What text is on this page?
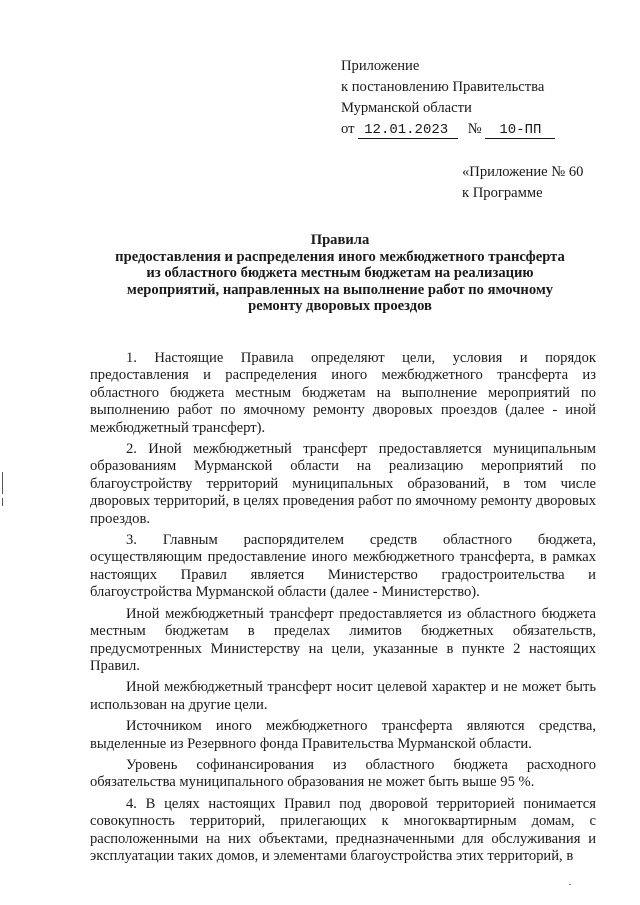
Приложение
к постановлению Правительства
Мурманской области
от 12.01.2023 № 10-ПП
«Приложение № 60
к Программе
Правила
предоставления и распределения иного межбюджетного трансферта
из областного бюджета местным бюджетам на реализацию
мероприятий, направленных на выполнение работ по ямочному
ремонту дворовых проездов

1. Настоящие Правила определяют цели, условия и порядок предоставления и распределения иного межбюджетного трансферта из областного бюджета местным бюджетам на выполнение мероприятий по выполнению работ по ямочному ремонту дворовых проездов (далее - иной межбюджетный трансферт).

2. Иной межбюджетный трансферт предоставляется муниципальным образованиям Мурманской области на реализацию мероприятий по благоустройству территорий муниципальных образований, в том числе дворовых территорий, в целях проведения работ по ямочному ремонту дворовых проездов.

3. Главным распорядителем средств областного бюджета, осуществляющим предоставление иного межбюджетного трансферта, в рамках настоящих Правил является Министерство градостроительства и благоустройства Мурманской области (далее - Министерство).

Иной межбюджетный трансферт предоставляется из областного бюджета местным бюджетам в пределах лимитов бюджетных обязательств, предусмотренных Министерству на цели, указанные в пункте 2 настоящих Правил.

Иной межбюджетный трансферт носит целевой характер и не может быть использован на другие цели.

Источником иного межбюджетного трансферта являются средства, выделенные из Резервного фонда Правительства Мурманской области.

Уровень софинансирования из областного бюджета расходного обязательства муниципального образования не может быть выше 95 %.

4. В целях настоящих Правил под дворовой территорией понимается совокупность территорий, прилегающих к многоквартирным домам, с расположенными на них объектами, предназначенными для обслуживания и эксплуатации таких домов, и элементами благоустройства этих территорий, в
